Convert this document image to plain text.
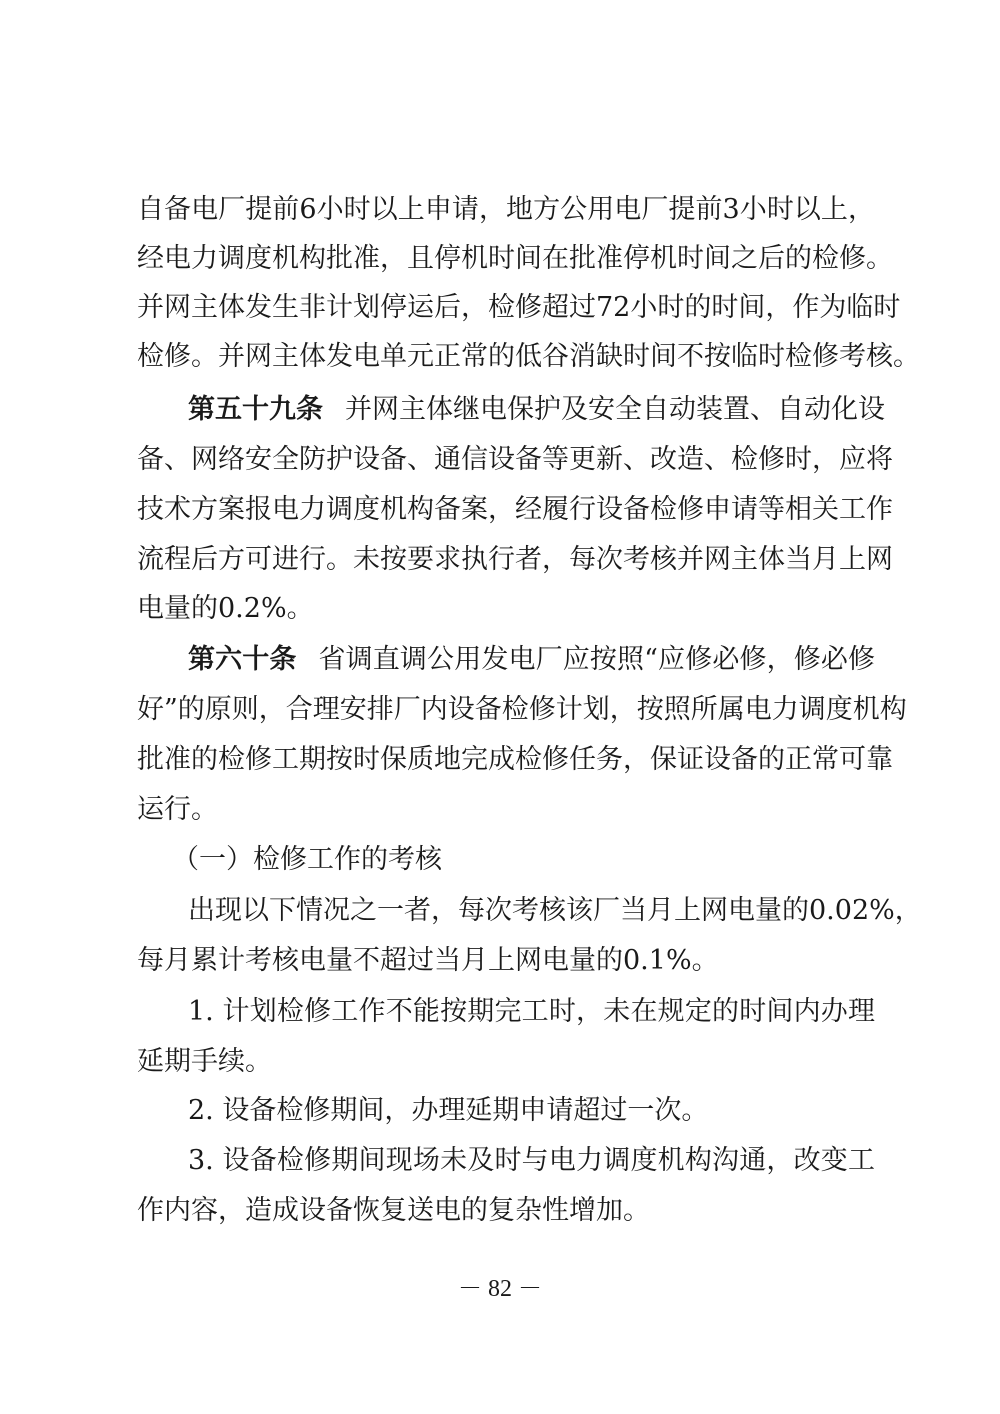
自备电厂提前6小时以上申请，地方公用电厂提前3小时以上，
经电力调度机构批准，且停机时间在批准停机时间之后的检修。
并网主体发生非计划停运后，检修超过72小时的时间，作为临时
检修。并网主体发电单元正常的低谷消缺时间不按临时检修考核。
第五十九条 并网主体继电保护及安全自动装置、自动化设
备、网络安全防护设备、通信设备等更新、改造、检修时，应将
技术方案报电力调度机构备案，经履行设备检修申请等相关工作
流程后方可进行。未按要求执行者，每次考核并网主体当月上网
电量的0.2%。
第六十条 省调直调公用发电厂应按照“应修必修，修必修
好”的原则，合理安排厂内设备检修计划，按照所属电力调度机构
批准的检修工期按时保质地完成检修任务，保证设备的正常可靠
运行。
（一）检修工作的考核
出现以下情况之一者，每次考核该厂当月上网电量的0.02%，
每月累计考核电量不超过当月上网电量的0.1%。
1. 计划检修工作不能按期完工时，未在规定的时间内办理
延期手续。
2. 设备检修期间，办理延期申请超过一次。
3. 设备检修期间现场未及时与电力调度机构沟通，改变工
作内容，造成设备恢复送电的复杂性增加。
－ 82 －
